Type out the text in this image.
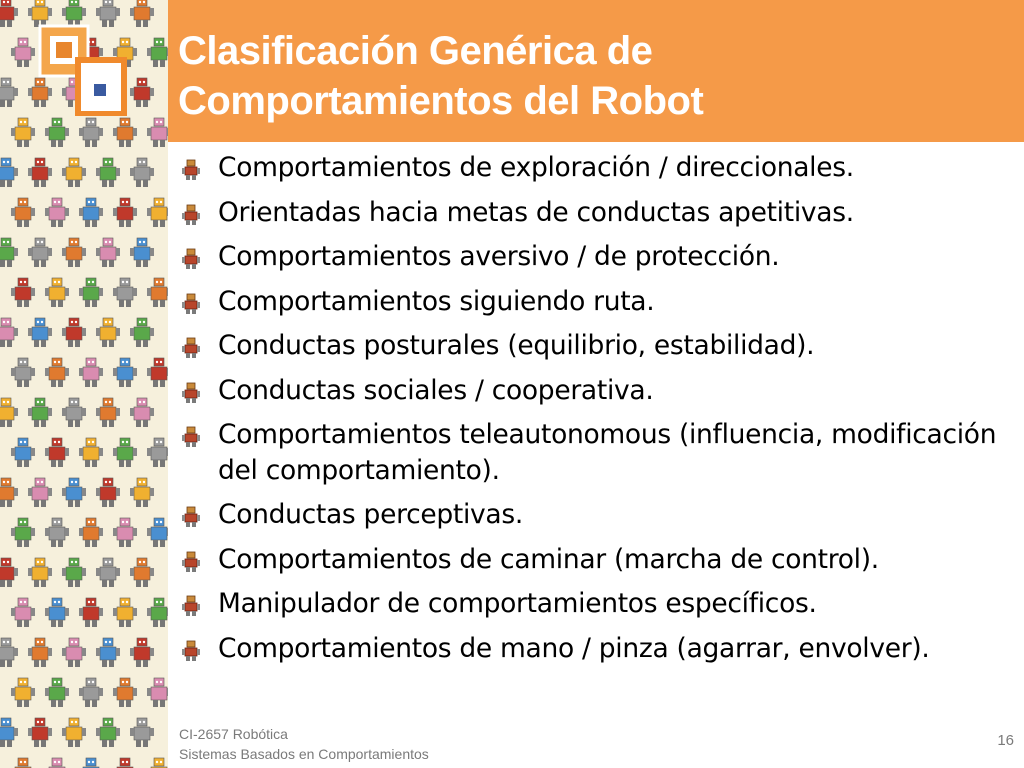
Clasificación Genérica de
Comportamientos del Robot
Comportamientos de exploración / direccionales.
Orientadas hacia metas de conductas apetitivas.
Comportamientos aversivo / de protección.
Comportamientos siguiendo ruta.
Conductas posturales (equilibrio, estabilidad).
Conductas sociales / cooperativa.
Comportamientos teleautonomous (influencia, modificación del comportamiento).
Conductas perceptivas.
Comportamientos de caminar (marcha de control).
Manipulador de comportamientos específicos.
Comportamientos de mano / pinza (agarrar, envolver).
CI-2657 Robótica
Sistemas Basados en Comportamientos
16
